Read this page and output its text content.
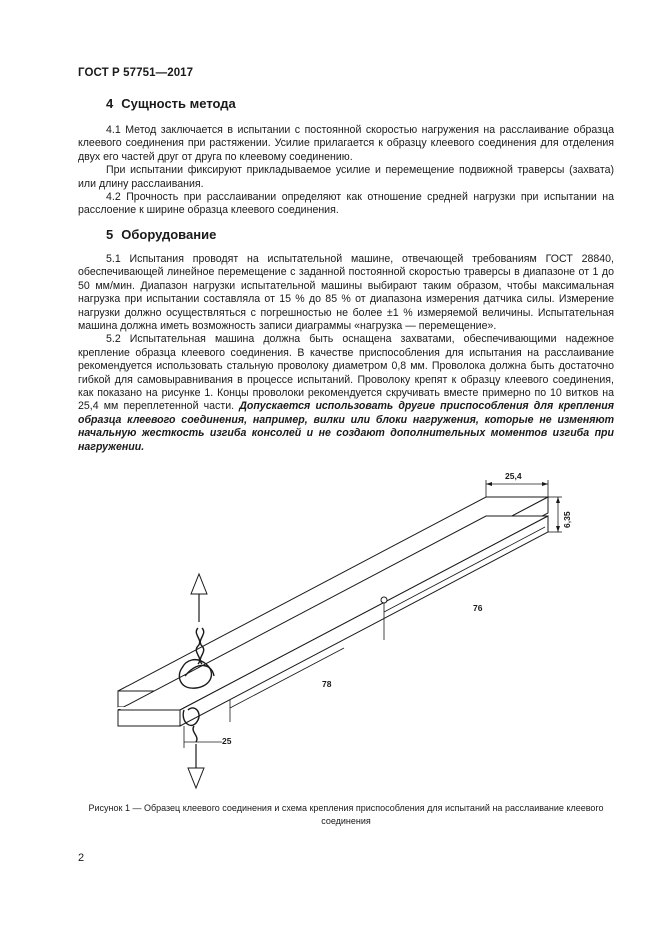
ГОСТ Р 57751—2017
4 Сущность метода

4.1 Метод заключается в испытании с постоянной скоростью нагружения на расслаивание образца клеевого соединения при растяжении. Усилие прилагается к образцу клеевого соединения для отделения двух его частей друг от друга по клеевому соединению.

При испытании фиксируют прикладываемое усилие и перемещение подвижной траверсы (захвата) или длину расслаивания.

4.2 Прочность при расслаивании определяют как отношение средней нагрузки при испытании на расслоение к ширине образца клеевого соединения.

5 Оборудование

5.1 Испытания проводят на испытательной машине, отвечающей требованиям ГОСТ 28840, обеспечивающей линейное перемещение с заданной постоянной скоростью траверсы в диапазоне от 1 до 50 мм/мин. Диапазон нагрузки испытательной машины выбирают таким образом, чтобы максимальная нагрузка при испытании составляла от 15 % до 85 % от диапазона измерения датчика силы. Измерение нагрузки должно осуществляться с погрешностью не более ±1 % измеряемой величины. Испытательная машина должна иметь возможность записи диаграммы «нагрузка — перемещение».

5.2 Испытательная машина должна быть оснащена захватами, обеспечивающими надежное крепление образца клеевого соединения. В качестве приспособления для испытания на расслаивание рекомендуется использовать стальную проволоку диаметром 0,8 мм. Проволока должна быть достаточно гибкой для самовыравнивания в процессе испытаний. Проволоку крепят к образцу клеевого соединения, как показано на рисунке 1. Концы проволоки рекомендуется скручивать вместе примерно по 10 витков на 25,4 мм переплетенной части. Допускается использовать другие приспособления для крепления образца клеевого соединения, например, вилки или блоки нагружения, которые не изменяют начальную жесткость изгиба консолей и не создают дополнительных моментов изгиба при нагружении.

25,4
6,35
76
78
25
Рисунок 1 — Образец клеевого соединения и схема крепления приспособления для испытаний на расслаивание клеевого соединения
2
